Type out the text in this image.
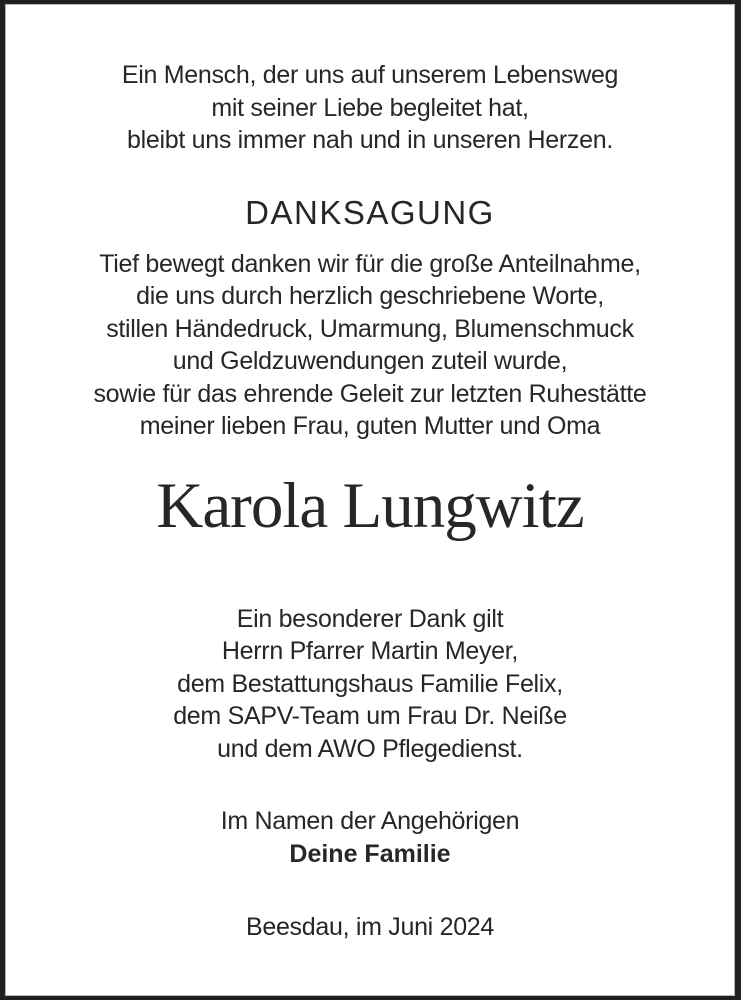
Ein Mensch, der uns auf unserem Lebensweg
mit seiner Liebe begleitet hat,
bleibt uns immer nah und in unseren Herzen.
DANKSAGUNG
Tief bewegt danken wir für die große Anteilnahme,
die uns durch herzlich geschriebene Worte,
stillen Händedruck, Umarmung, Blumenschmuck
und Geldzuwendungen zuteil wurde,
sowie für das ehrende Geleit zur letzten Ruhestätte
meiner lieben Frau, guten Mutter und Oma
Karola Lungwitz
Ein besonderer Dank gilt
Herrn Pfarrer Martin Meyer,
dem Bestattungshaus Familie Felix,
dem SAPV-Team um Frau Dr. Neiße
und dem AWO Pflegedienst.
Im Namen der Angehörigen
Deine Familie
Beesdau, im Juni 2024
